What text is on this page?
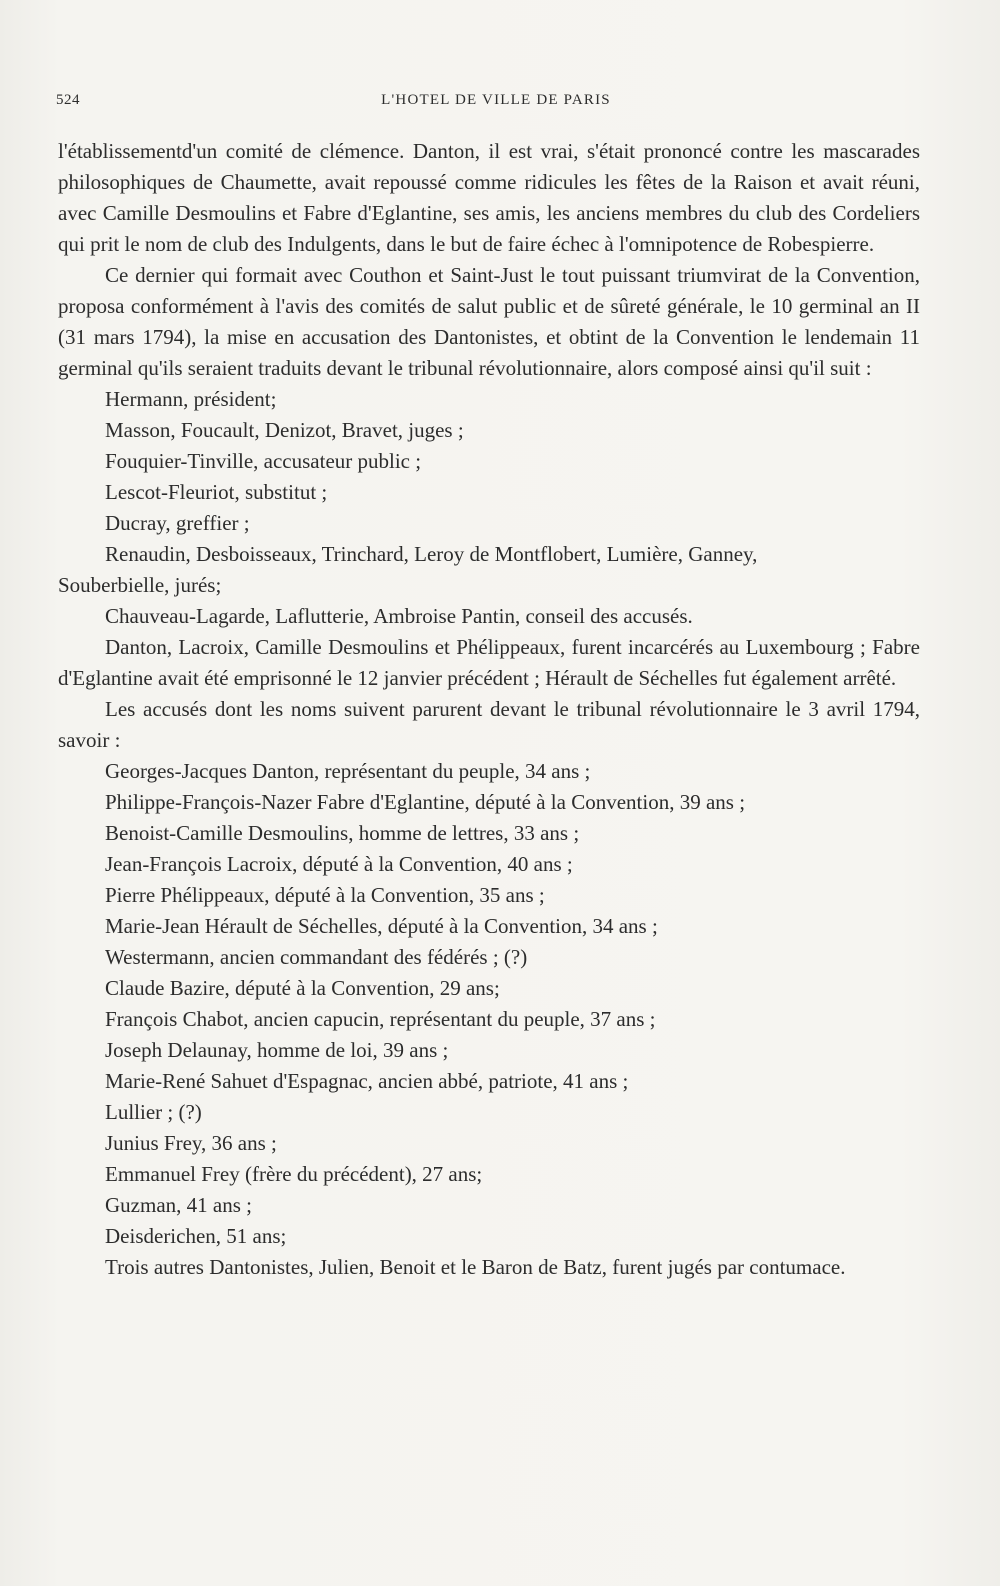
524	L'HOTEL DE VILLE DE PARIS

l'établissementd'un comité de clémence. Danton, il est vrai, s'était prononcé contre les mascarades philosophiques de Chaumette, avait repoussé comme ridicules les fêtes de la Raison et avait réuni, avec Camille Desmoulins et Fabre d'Eglantine, ses amis, les anciens membres du club des Cordeliers qui prit le nom de club des Indulgents, dans le but de faire échec à l'omnipotence de Robespierre.

Ce dernier qui formait avec Couthon et Saint-Just le tout puissant triumvirat de la Convention, proposa conformément à l'avis des comités de salut public et de sûreté générale, le 10 germinal an II (31 mars 1794), la mise en accusation des Dantonistes, et obtint de la Convention le lendemain 11 germinal qu'ils seraient traduits devant le tribunal révolutionnaire, alors composé ainsi qu'il suit :

Hermann, président;

Masson, Foucault, Denizot, Bravet, juges ;

Fouquier-Tinville, accusateur public ;

Lescot-Fleuriot, substitut ;

Ducray, greffier ;

Renaudin, Desboisseaux, Trinchard, Leroy de Montflobert, Lumière, Ganney,

Souberbielle, jurés;

Chauveau-Lagarde, Laflutterie, Ambroise Pantin, conseil des accusés.

Danton, Lacroix, Camille Desmoulins et Phélippeaux, furent incarcérés au Luxembourg ; Fabre d'Eglantine avait été emprisonné le 12 janvier précédent ; Hérault de Séchelles fut également arrêté.

Les accusés dont les noms suivent parurent devant le tribunal révolutionnaire le 3 avril 1794, savoir :

Georges-Jacques Danton, représentant du peuple, 34 ans ;

Philippe-François-Nazer Fabre d'Eglantine, député à la Convention, 39 ans ;

Benoist-Camille Desmoulins, homme de lettres, 33 ans ;

Jean-François Lacroix, député à la Convention, 40 ans ;

Pierre Phélippeaux, député à la Convention, 35 ans ;

Marie-Jean Hérault de Séchelles, député à la Convention, 34 ans ;

Westermann, ancien commandant des fédérés ; (?)

Claude Bazire, député à la Convention, 29 ans;

François Chabot, ancien capucin, représentant du peuple, 37 ans ;

Joseph Delaunay, homme de loi, 39 ans ;

Marie-René Sahuet d'Espagnac, ancien abbé, patriote, 41 ans ;

Lullier ; (?)

Junius Frey, 36 ans ;

Emmanuel Frey (frère du précédent), 27 ans;

Guzman, 41 ans ;

Deisderichen, 51 ans;

Trois autres Dantonistes, Julien, Benoit et le Baron de Batz, furent jugés par contumace.
